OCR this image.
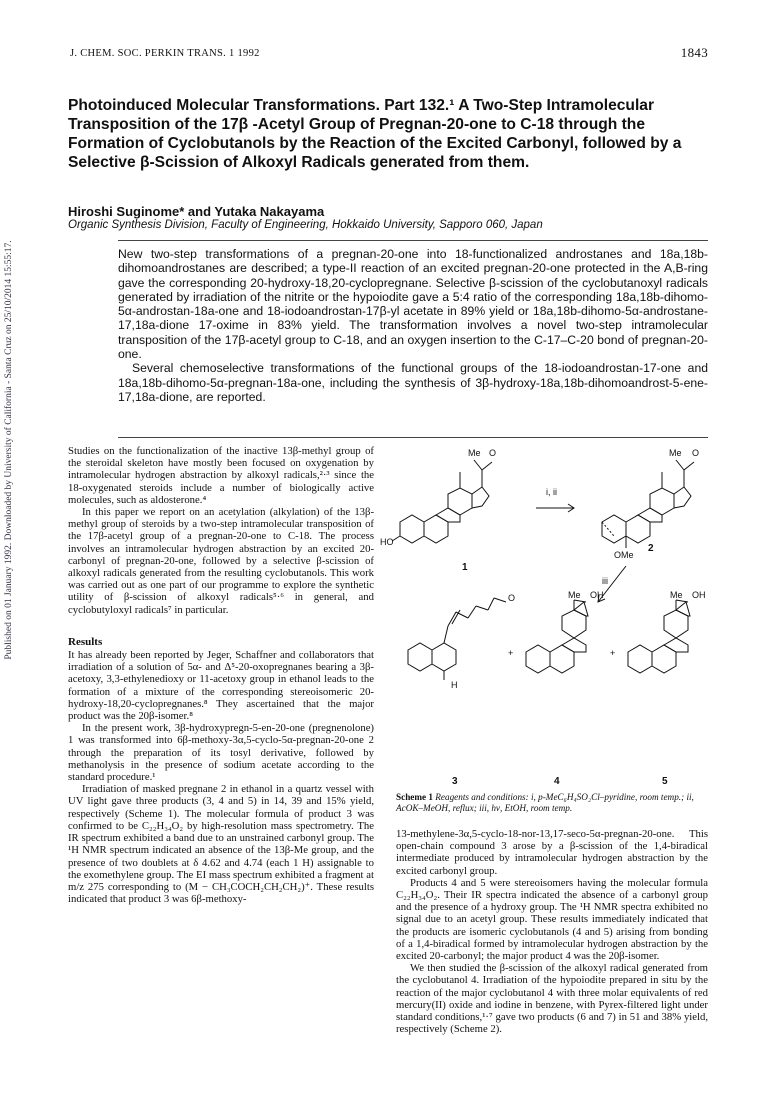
J. CHEM. SOC. PERKIN TRANS. 1 1992	1843
Published on 01 January 1992. Downloaded by University of California - Santa Cruz on 25/10/2014 15:55:17.
Photoinduced Molecular Transformations. Part 132.¹ A Two-Step Intramolecular Transposition of the 17β -Acetyl Group of Pregnan-20-one to C-18 through the Formation of Cyclobutanols by the Reaction of the Excited Carbonyl, followed by a Selective β-Scission of Alkoxyl Radicals generated from them.
Hiroshi Suginome* and Yutaka Nakayama
Organic Synthesis Division, Faculty of Engineering, Hokkaido University, Sapporo 060, Japan

New two-step transformations of a pregnan-20-one into 18-functionalized androstanes and 18a,18b-dihomoandrostanes are described; a type-II reaction of an excited pregnan-20-one protected in the A,B-ring gave the corresponding 20-hydroxy-18,20-cyclopregnane. Selective β-scission of the cyclobutanoxyl radicals generated by irradiation of the nitrite or the hypoiodite gave a 5:4 ratio of the corresponding 18a,18b-dihomo-5α-androstan-18a-one and 18-iodoandrostan-17β-yl acetate in 89% yield or 18a,18b-dihomo-5α-androstane-17,18a-dione 17-oxime in 83% yield. The transformation involves a novel two-step intramolecular transposition of the 17β-acetyl group to C-18, and an oxygen insertion to the C-17–C-20 bond of pregnan-20-one.

Several chemoselective transformations of the functional groups of the 18-iodoandrostan-17-one and 18a,18b-dihomo-5α-pregnan-18a-one, including the synthesis of 3β-hydroxy-18a,18b-dihomoandrost-5-ene-17,18a-dione, are reported.

Studies on the functionalization of the inactive 13β-methyl group of the steroidal skeleton have mostly been focused on oxygenation by intramolecular hydrogen abstraction by alkoxyl radicals,²·³ since the 18-oxygenated steroids include a number of biologically active molecules, such as aldosterone.⁴

In this paper we report on an acetylation (alkylation) of the 13β-methyl group of steroids by a two-step intramolecular transposition of the 17β-acetyl group of a pregnan-20-one to C-18. The process involves an intramolecular hydrogen abstraction by an excited 20-carbonyl of pregnan-20-one, followed by a selective β-scission of alkoxyl radicals generated from the resulting cyclobutanols. This work was carried out as one part of our programme to explore the synthetic utility of β-scission of alkoxyl radicals⁵·⁶ in general, and cyclobutyloxyl radicals⁷ in particular.

Results

It has already been reported by Jeger, Schaffner and collaborators that irradiation of a solution of 5α- and Δ⁵-20-oxopregnanes bearing a 3β-acetoxy, 3,3-ethylenedioxy or 11-acetoxy group in ethanol leads to the formation of a mixture of the corresponding stereoisomeric 20-hydroxy-18,20-cyclopregnanes.⁸ They ascertained that the major product was the 20β-isomer.⁸

In the present work, 3β-hydroxypregn-5-en-20-one (pregnenolone) 1 was transformed into 6β-methoxy-3α,5-cyclo-5α-pregnan-20-one 2 through the preparation of its tosyl derivative, followed by methanolysis in the presence of sodium acetate according to the standard procedure.¹

Irradiation of masked pregnane 2 in ethanol in a quartz vessel with UV light gave three products (3, 4 and 5) in 14, 39 and 15% yield, respectively (Scheme 1). The molecular formula of product 3 was confirmed to be C₂₂H₃₄O₂ by high-resolution mass spectrometry. The IR spectrum exhibited a band due to an unstrained carbonyl group. The ¹H NMR spectrum indicated an absence of the 13β-Me group, and the presence of two doublets at δ 4.62 and 4.74 (each 1 H) assignable to the exomethylene group. The EI mass spectrum exhibited a fragment at m/z 275 corresponding to (M − CH₃COCH₂CH₂CH₂)⁺. These results indicated that product 3 was 6β-methoxy-

Me O
HO
Me O
OMe
i, ii
iii
O
H
Me OH	Me OH
+	+
1
2
3	4	5
Scheme 1 Reagents and conditions: i, p-MeC₆H₄SO₂Cl–pyridine, room temp.; ii, AcOK–MeOH, reflux; iii, hν, EtOH, room temp.

13-methylene-3α,5-cyclo-18-nor-13,17-seco-5α-pregnan-20-one. This open-chain compound 3 arose by a β-scission of the 1,4-biradical intermediate produced by intramolecular hydrogen abstraction by the excited carbonyl group.

Products 4 and 5 were stereoisomers having the molecular formula C₂₂H₃₄O₂. Their IR spectra indicated the absence of a carbonyl group and the presence of a hydroxy group. The ¹H NMR spectra exhibited no signal due to an acetyl group. These results immediately indicated that the products are isomeric cyclobutanols (4 and 5) arising from bonding of a 1,4-biradical formed by intramolecular hydrogen abstraction by the excited 20-carbonyl; the major product 4 was the 20β-isomer.

We then studied the β-scission of the alkoxyl radical generated from the cyclobutanol 4. Irradiation of the hypoiodite prepared in situ by the reaction of the major cyclobutanol 4 with three molar equivalents of red mercury(II) oxide and iodine in benzene, with Pyrex-filtered light under standard conditions,¹·⁷ gave two products (6 and 7) in 51 and 38% yield, respectively (Scheme 2).
